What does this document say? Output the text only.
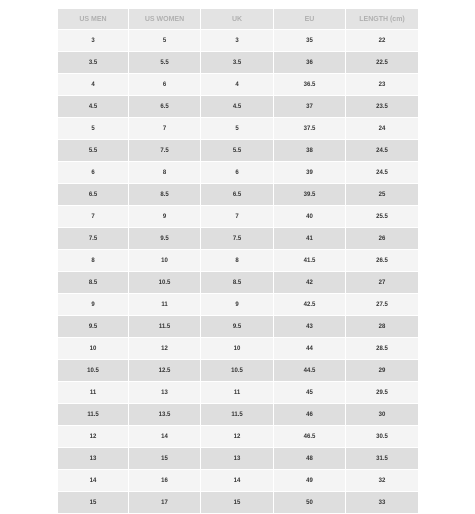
US MEN	US WOMEN	UK	EU	LENGTH (cm)
3	5	3	35	22
3.5	5.5	3.5	36	22.5
4	6	4	36.5	23
4.5	6.5	4.5	37	23.5
5	7	5	37.5	24
5.5	7.5	5.5	38	24.5
6	8	6	39	24.5
6.5	8.5	6.5	39.5	25
7	9	7	40	25.5
7.5	9.5	7.5	41	26
8	10	8	41.5	26.5
8.5	10.5	8.5	42	27
9	11	9	42.5	27.5
9.5	11.5	9.5	43	28
10	12	10	44	28.5
10.5	12.5	10.5	44.5	29
11	13	11	45	29.5
11.5	13.5	11.5	46	30
12	14	12	46.5	30.5
13	15	13	48	31.5
14	16	14	49	32
15	17	15	50	33
